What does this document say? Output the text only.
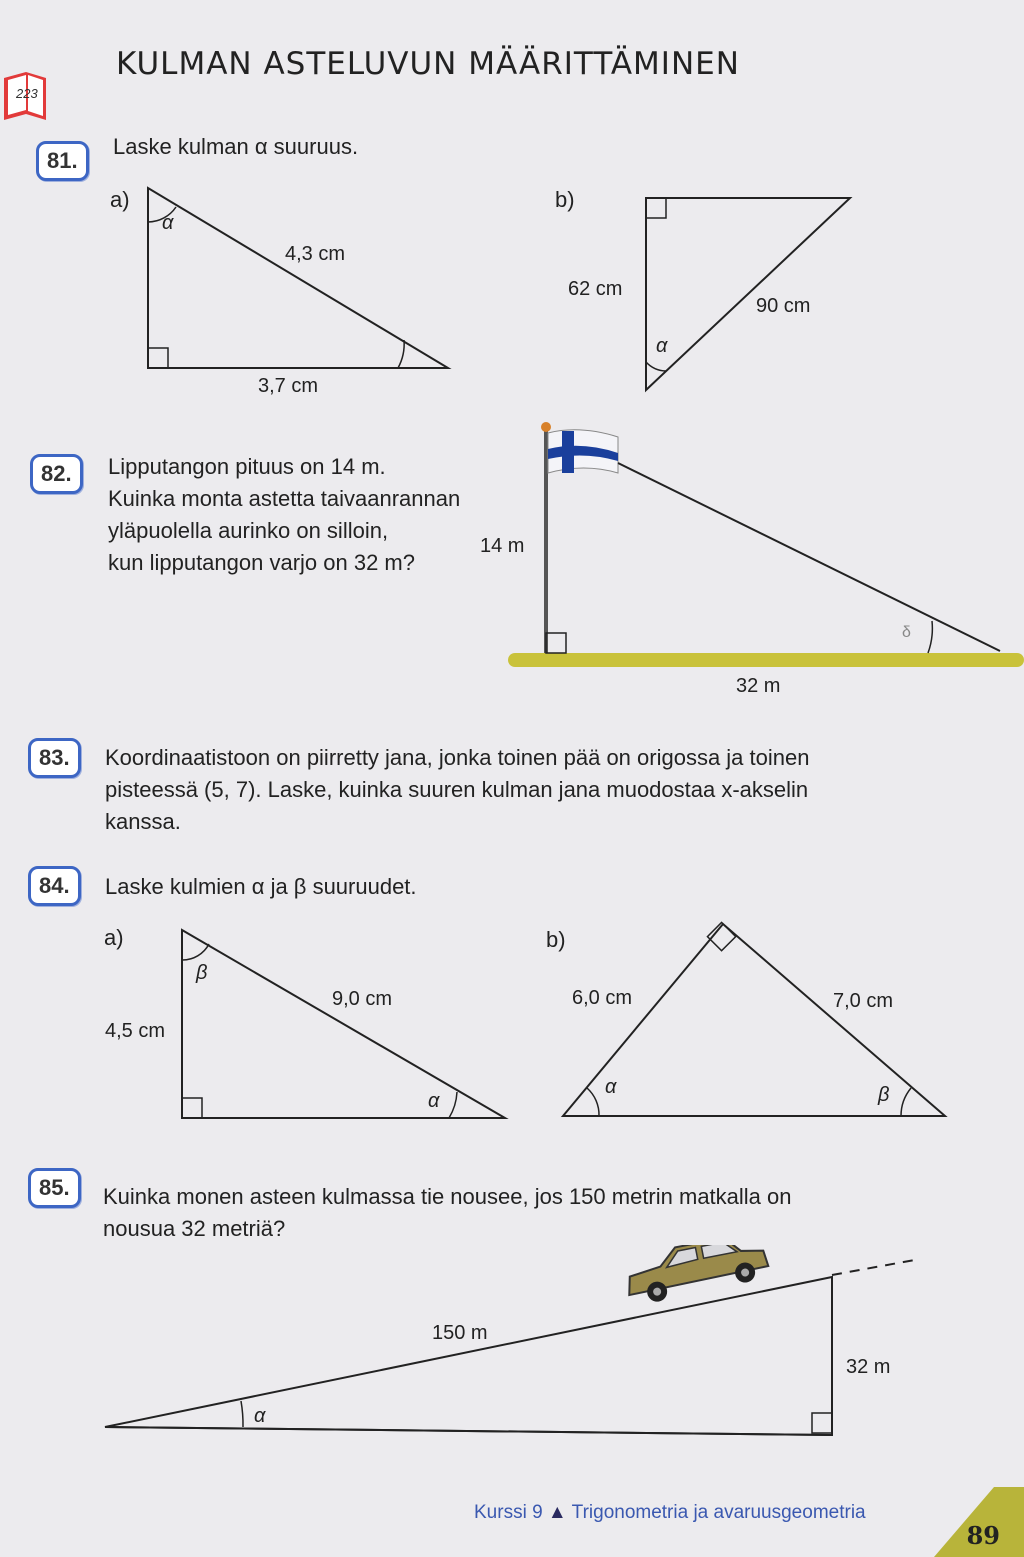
KULMAN ASTELUVUN MÄÄRITTÄMINEN
223
81.
Laske kulman α suuruus.
a)
α
4,3 cm
3,7 cm
b)
62 cm
90 cm
α
82.	Lipputangon pituus on 14 m.
Kuinka monta astetta taivaanrannan
yläpuolella aurinko on silloin,
kun lipputangon varjo on 32 m?
δ
14 m
32 m
83.	Koordinaatistoon on piirretty jana, jonka toinen pää on origossa ja toinen
pisteessä (5, 7). Laske, kuinka suuren kulman jana muodostaa x-akselin
kanssa.
84.	Laske kulmien α ja β suuruudet.
a)
β
4,5 cm
9,0 cm
α
b)
6,0 cm	7,0 cm
α	β
85.	Kuinka monen asteen kulmassa tie nousee, jos 150 metrin matkalla on
nousua 32 metriä?
150 m
32 m
α
Kurssi 9 ▲ Trigonometria ja avaruusgeometria
89
